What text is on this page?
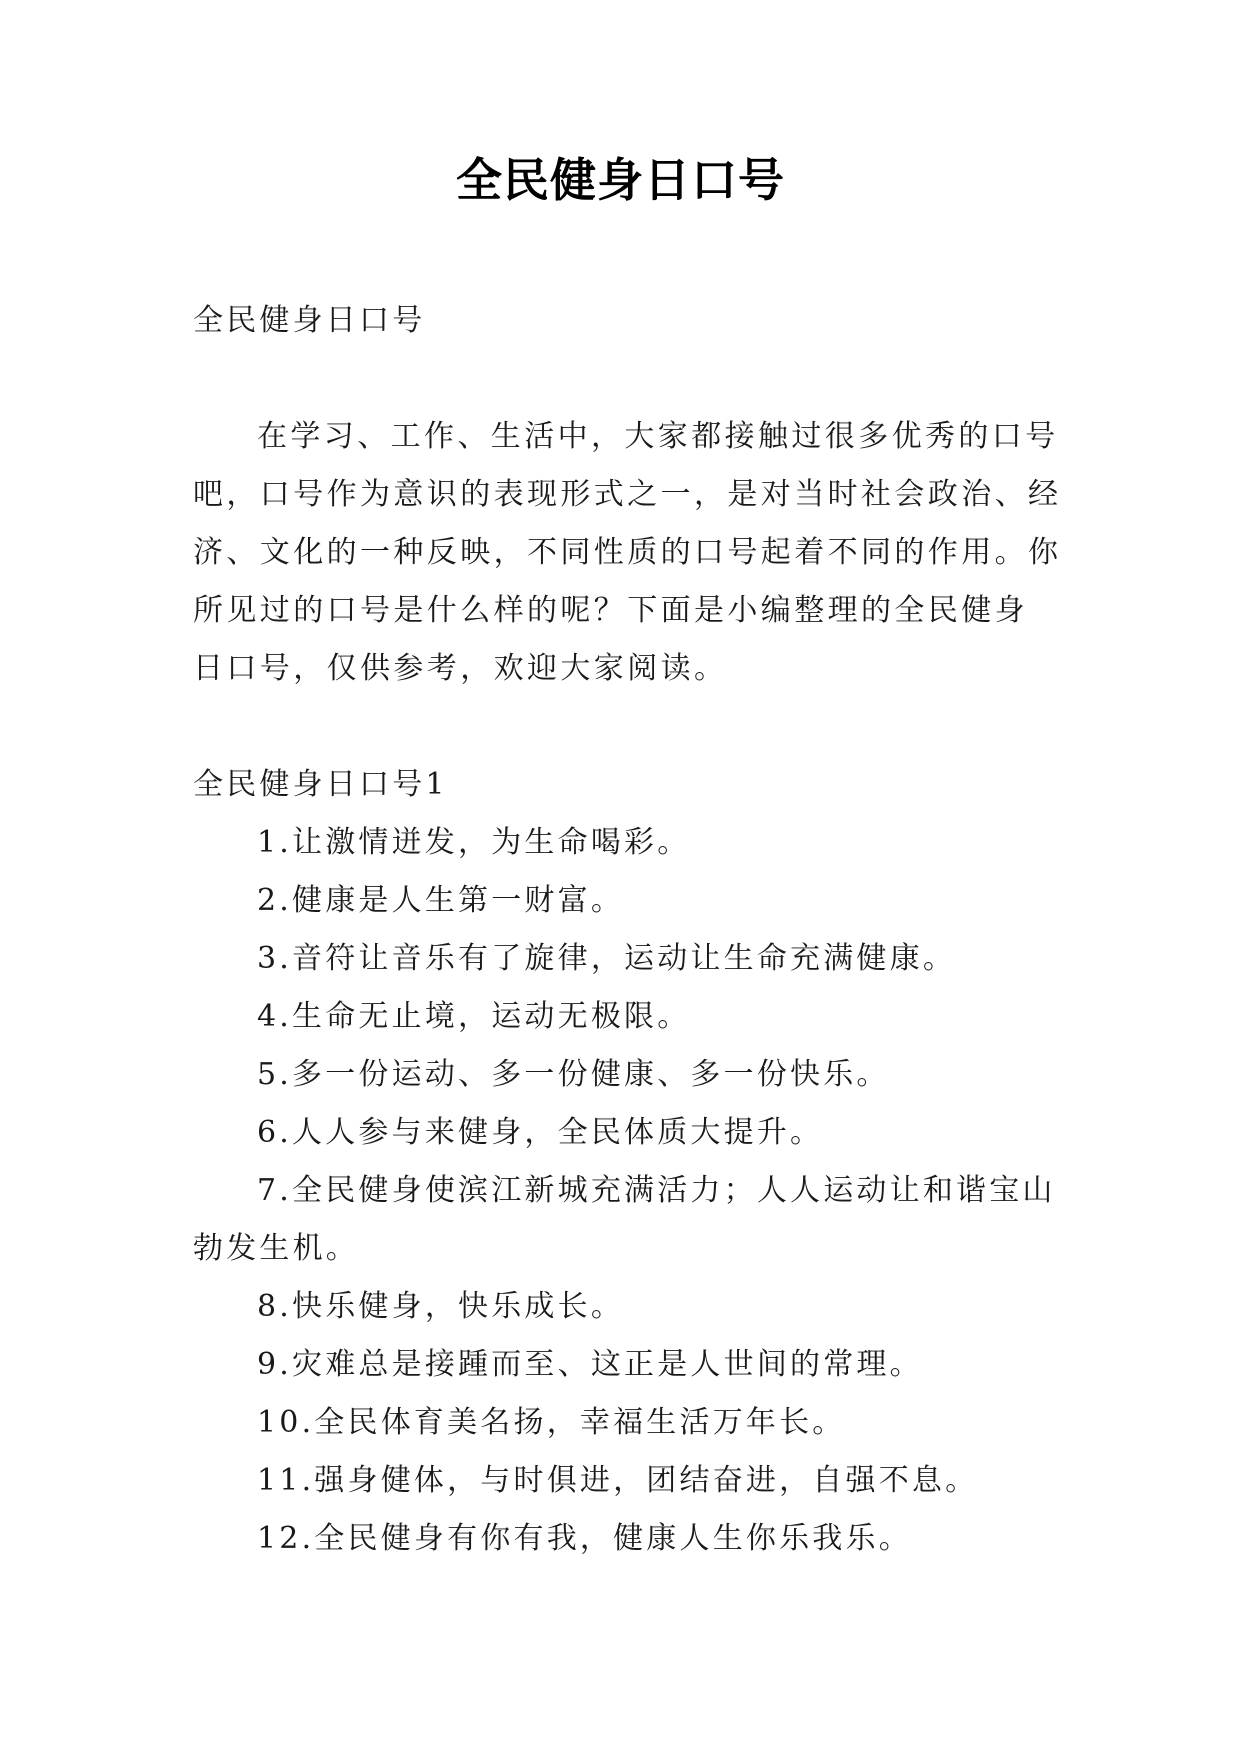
全民健身日口号

全民健身日口号

在学习、工作、生活中，大家都接触过很多优秀的口号

吧，口号作为意识的表现形式之一，是对当时社会政治、经

济、文化的一种反映，不同性质的口号起着不同的作用。你

所见过的口号是什么样的呢？下面是小编整理的全民健身

日口号，仅供参考，欢迎大家阅读。

全民健身日口号1

1.让激情迸发，为生命喝彩。

2.健康是人生第一财富。

3.音符让音乐有了旋律，运动让生命充满健康。

4.生命无止境，运动无极限。

5.多一份运动、多一份健康、多一份快乐。

6.人人参与来健身，全民体质大提升。

7.全民健身使滨江新城充满活力；人人运动让和谐宝山

勃发生机。

8.快乐健身，快乐成长。

9.灾难总是接踵而至、这正是人世间的常理。

10.全民体育美名扬，幸福生活万年长。

11.强身健体，与时俱进，团结奋进，自强不息。

12.全民健身有你有我，健康人生你乐我乐。
